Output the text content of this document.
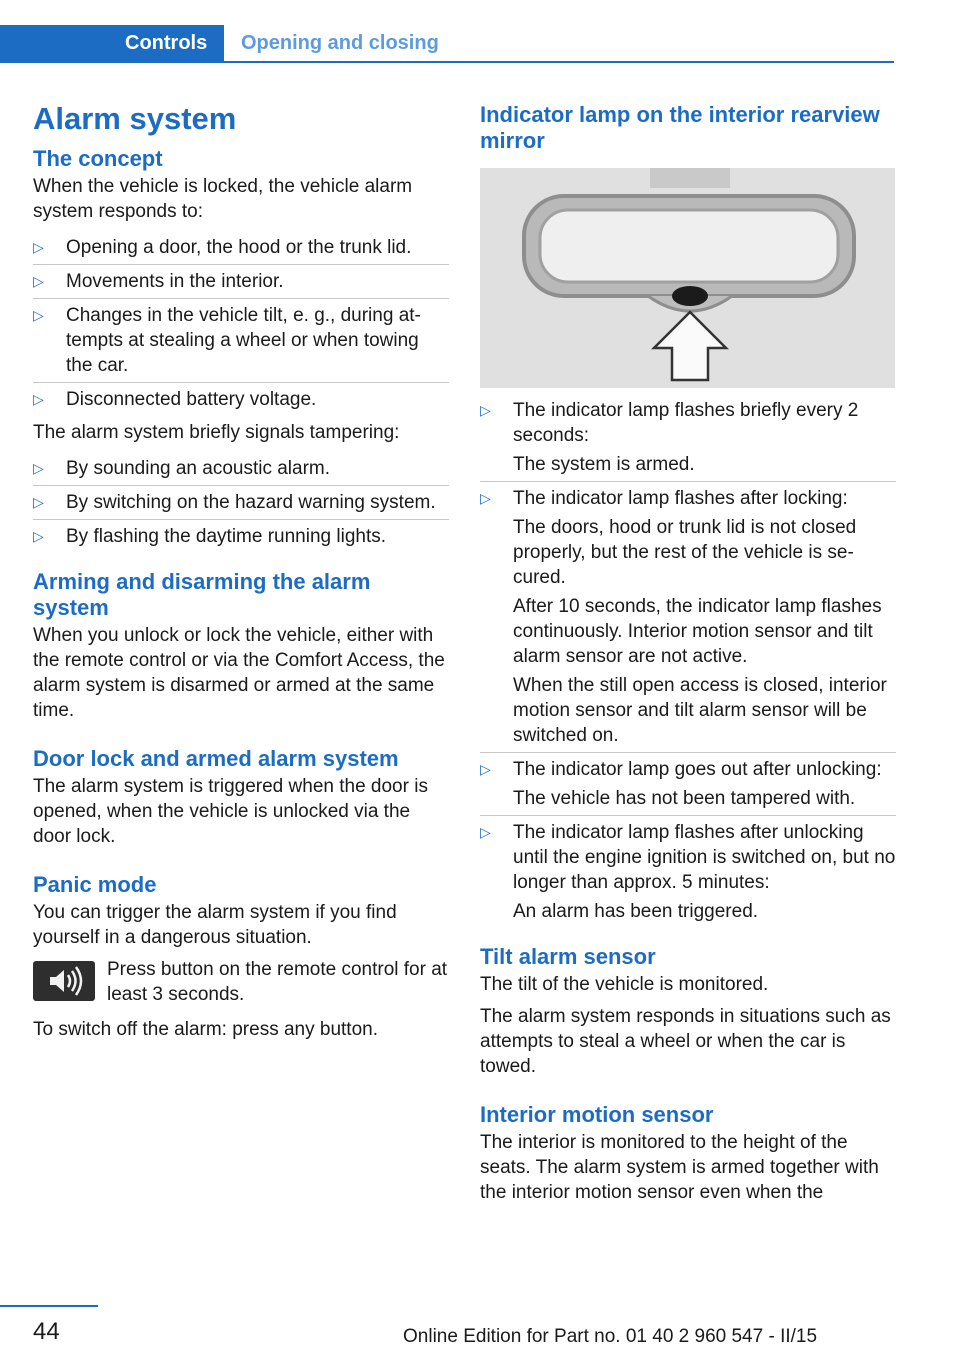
Controls	Opening and closing
Alarm system
The concept

When the vehicle is locked, the vehicle alarm system responds to:

▷ Opening a door, the hood or the trunk lid.
▷ Movements in the interior.
▷ Changes in the vehicle tilt, e. g., during attempts at stealing a wheel or when towing the car.
▷ Disconnected battery voltage.

The alarm system briefly signals tampering:

▷ By sounding an acoustic alarm.
▷ By switching on the hazard warning system.
▷ By flashing the daytime running lights.
Arming and disarming the alarm system

When you unlock or lock the vehicle, either with the remote control or via the Comfort Access, the alarm system is disarmed or armed at the same time.

Door lock and armed alarm system

The alarm system is triggered when the door is opened, when the vehicle is unlocked via the door lock.

Panic mode

You can trigger the alarm system if you find yourself in a dangerous situation.

Press button on the remote control for at least 3 seconds.

To switch off the alarm: press any button.

Indicator lamp on the interior rearview mirror
▷ The indicator lamp flashes briefly every 2 seconds:

The system is armed.

▷ The indicator lamp flashes after locking:

The doors, hood or trunk lid is not closed properly, but the rest of the vehicle is secured.

After 10 seconds, the indicator lamp flashes continuously. Interior motion sensor and tilt alarm sensor are not active.

When the still open access is closed, interior motion sensor and tilt alarm sensor will be switched on.

▷ The indicator lamp goes out after unlocking:

The vehicle has not been tampered with.

▷ The indicator lamp flashes after unlocking until the engine ignition is switched on, but no longer than approx. 5 minutes:

An alarm has been triggered.

Tilt alarm sensor

The tilt of the vehicle is monitored.

The alarm system responds in situations such as attempts to steal a wheel or when the car is towed.

Interior motion sensor

The interior is monitored to the height of the seats. The alarm system is armed together with the interior motion sensor even when the

44	Online Edition for Part no. 01 40 2 960 547 - II/15
